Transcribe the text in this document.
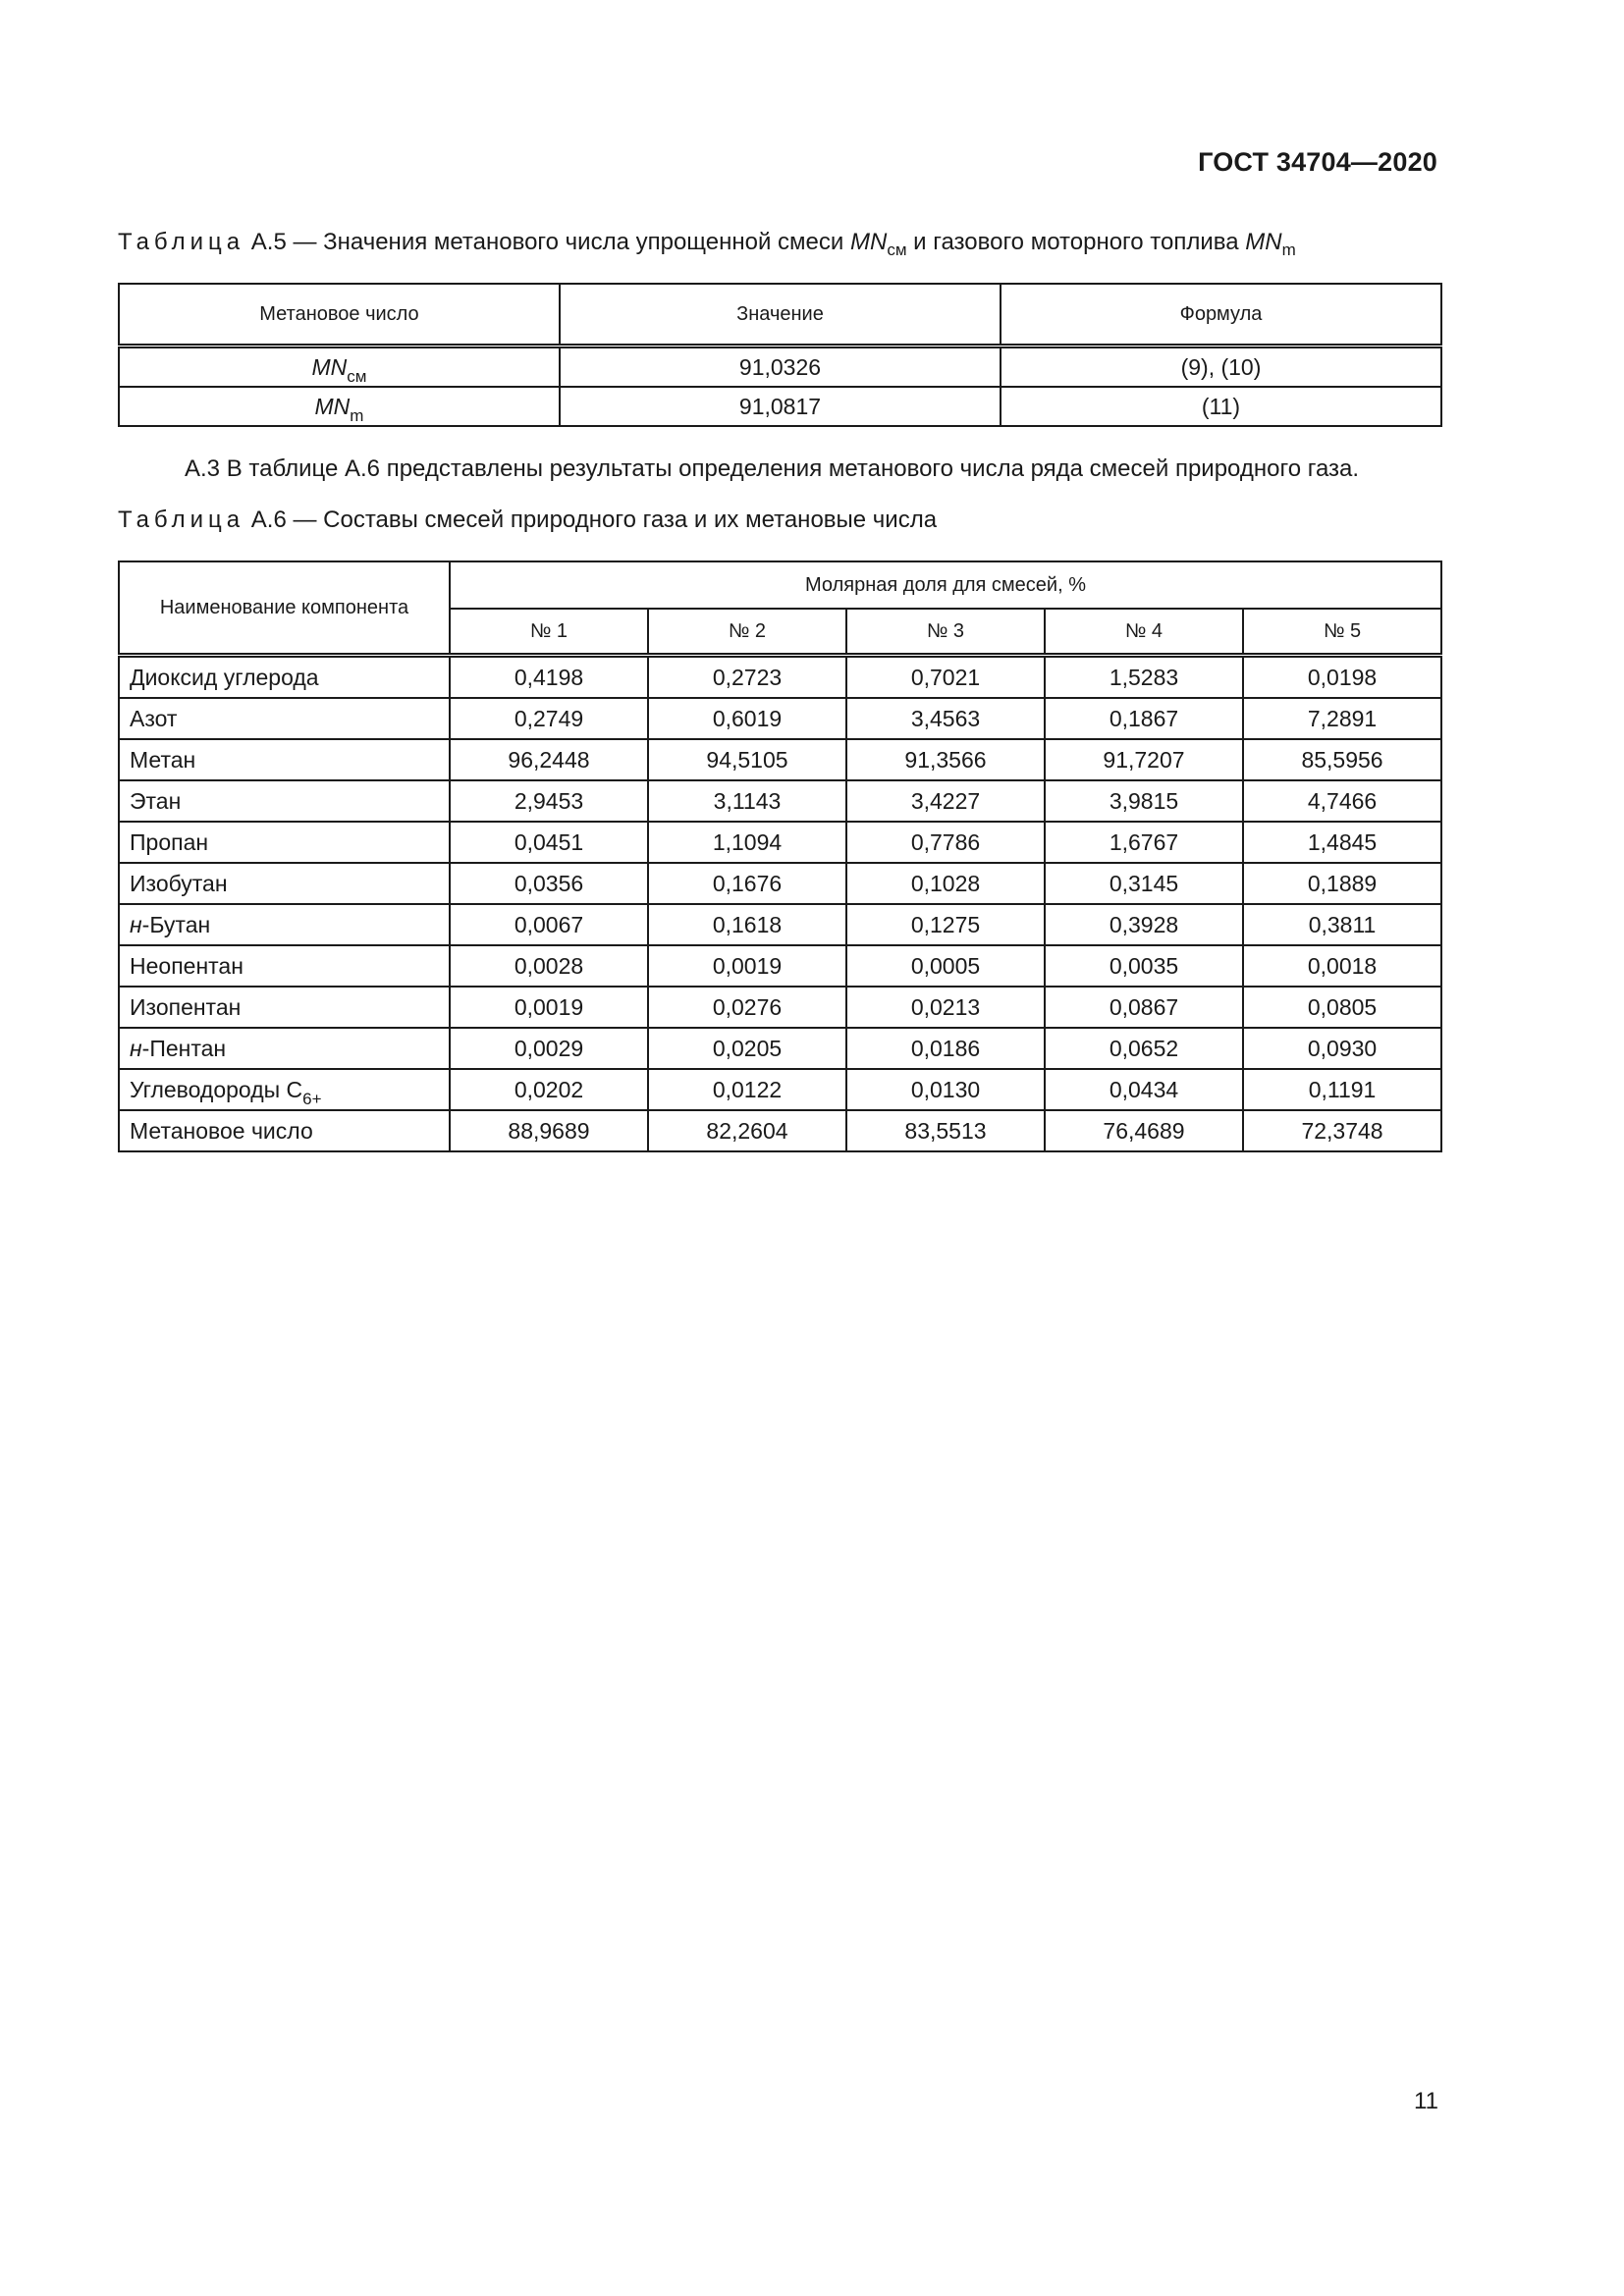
ГОСТ 34704—2020
Таблица А.5 — Значения метанового числа упрощенной смеси $MN_{см}$ и газового моторного топлива $MN_m$
Метановое число	Значение	Формула
$MN_{см}$	91,0326	(9), (10)
$MN_m$	91,0817	(11)
А.3 В таблице А.6 представлены результаты определения метанового числа ряда смесей природного газа.
Таблица А.6 — Составы смесей природного газа и их метановые числа
Наименование компонента	Молярная доля для смесей, %				
	№ 1	№ 2	№ 3	№ 4	№ 5
Диоксид углерода	0,4198	0,2723	0,7021	1,5283	0,0198
Азот	0,2749	0,6019	3,4563	0,1867	7,2891
Метан	96,2448	94,5105	91,3566	91,7207	85,5956
Этан	2,9453	3,1143	3,4227	3,9815	4,7466
Пропан	0,0451	1,1094	0,7786	1,6767	1,4845
Изобутан	0,0356	0,1676	0,1028	0,3145	0,1889
н-Бутан	0,0067	0,1618	0,1275	0,3928	0,3811
Неопентан	0,0028	0,0019	0,0005	0,0035	0,0018
Изопентан	0,0019	0,0276	0,0213	0,0867	0,0805
н-Пентан	0,0029	0,0205	0,0186	0,0652	0,0930
Углеводороды $C_{6+}$	0,0202	0,0122	0,0130	0,0434	0,1191
Метановое число	88,9689	82,2604	83,5513	76,4689	72,3748
11
